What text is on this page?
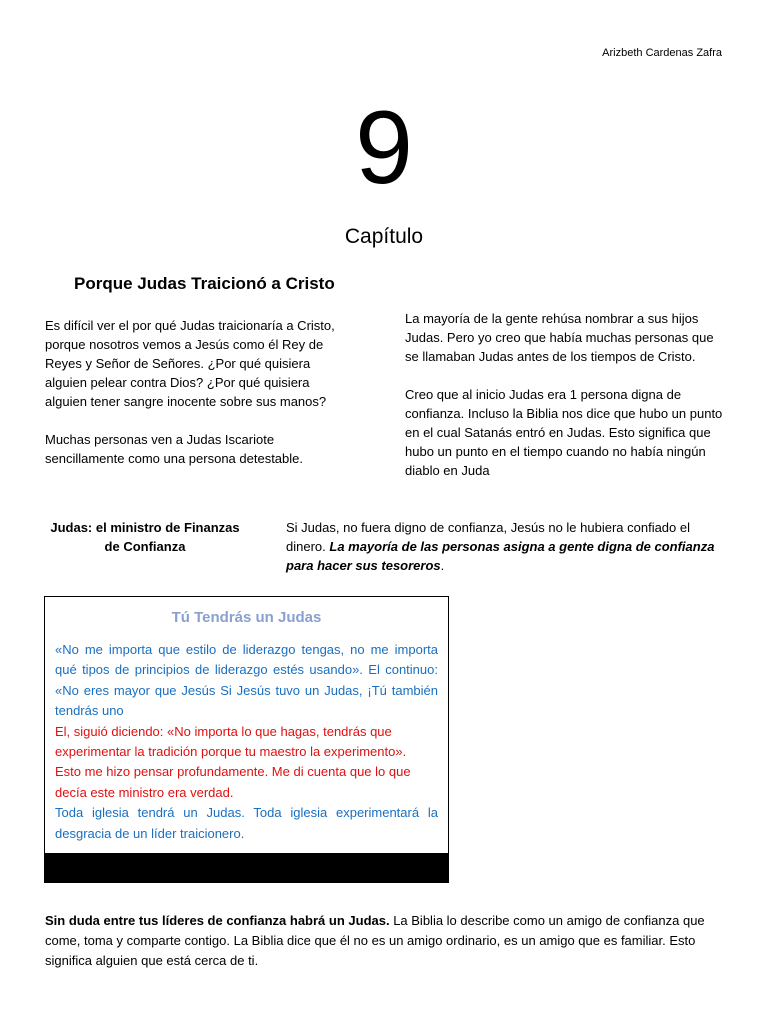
Arizbeth Cardenas Zafra
9
Capítulo
Porque Judas Traicionó a Cristo

Es difícil ver el por qué Judas traicionaría a Cristo, porque nosotros vemos a Jesús como él Rey de Reyes y Señor de Señores. ¿Por qué quisiera alguien pelear contra Dios? ¿Por qué quisiera alguien tener sangre inocente sobre sus manos?

Muchas personas ven a Judas Iscariote sencillamente como una persona detestable.

La mayoría de la gente rehúsa nombrar a sus hijos Judas. Pero yo creo que había muchas personas que se llamaban Judas antes de los tiempos de Cristo.

Creo que al inicio Judas era 1 persona digna de confianza. Incluso la Biblia nos dice que hubo un punto en el cual Satanás entró en Judas. Esto significa que hubo un punto en el tiempo cuando no había ningún diablo en Juda

Judas: el ministro de Finanzas de Confianza
Si Judas, no fuera digno de confianza, Jesús no le hubiera confiado el dinero. La mayoría de las personas asigna a gente digna de confianza para hacer sus tesoreros.
Tú Tendrás un Judas

«No me importa que estilo de liderazgo tengas, no me importa qué tipos de principios de liderazgo estés usando». El continuo: «No eres mayor que Jesús Si Jesús tuvo un Judas, ¡Tú también tendrás uno

El, siguió diciendo: «No importa lo que hagas, tendrás que experimentar la tradición porque tu maestro la experimento».

Esto me hizo pensar profundamente. Me di cuenta que lo que decía este ministro era verdad.

Toda iglesia tendrá un Judas. Toda iglesia experimentará la desgracia de un líder traicionero.

Sin duda entre tus líderes de confianza habrá un Judas. La Biblia lo describe como un amigo de confianza que come, toma y comparte contigo. La Biblia dice que él no es un amigo ordinario, es un amigo que es familiar. Esto significa alguien que está cerca de ti.
